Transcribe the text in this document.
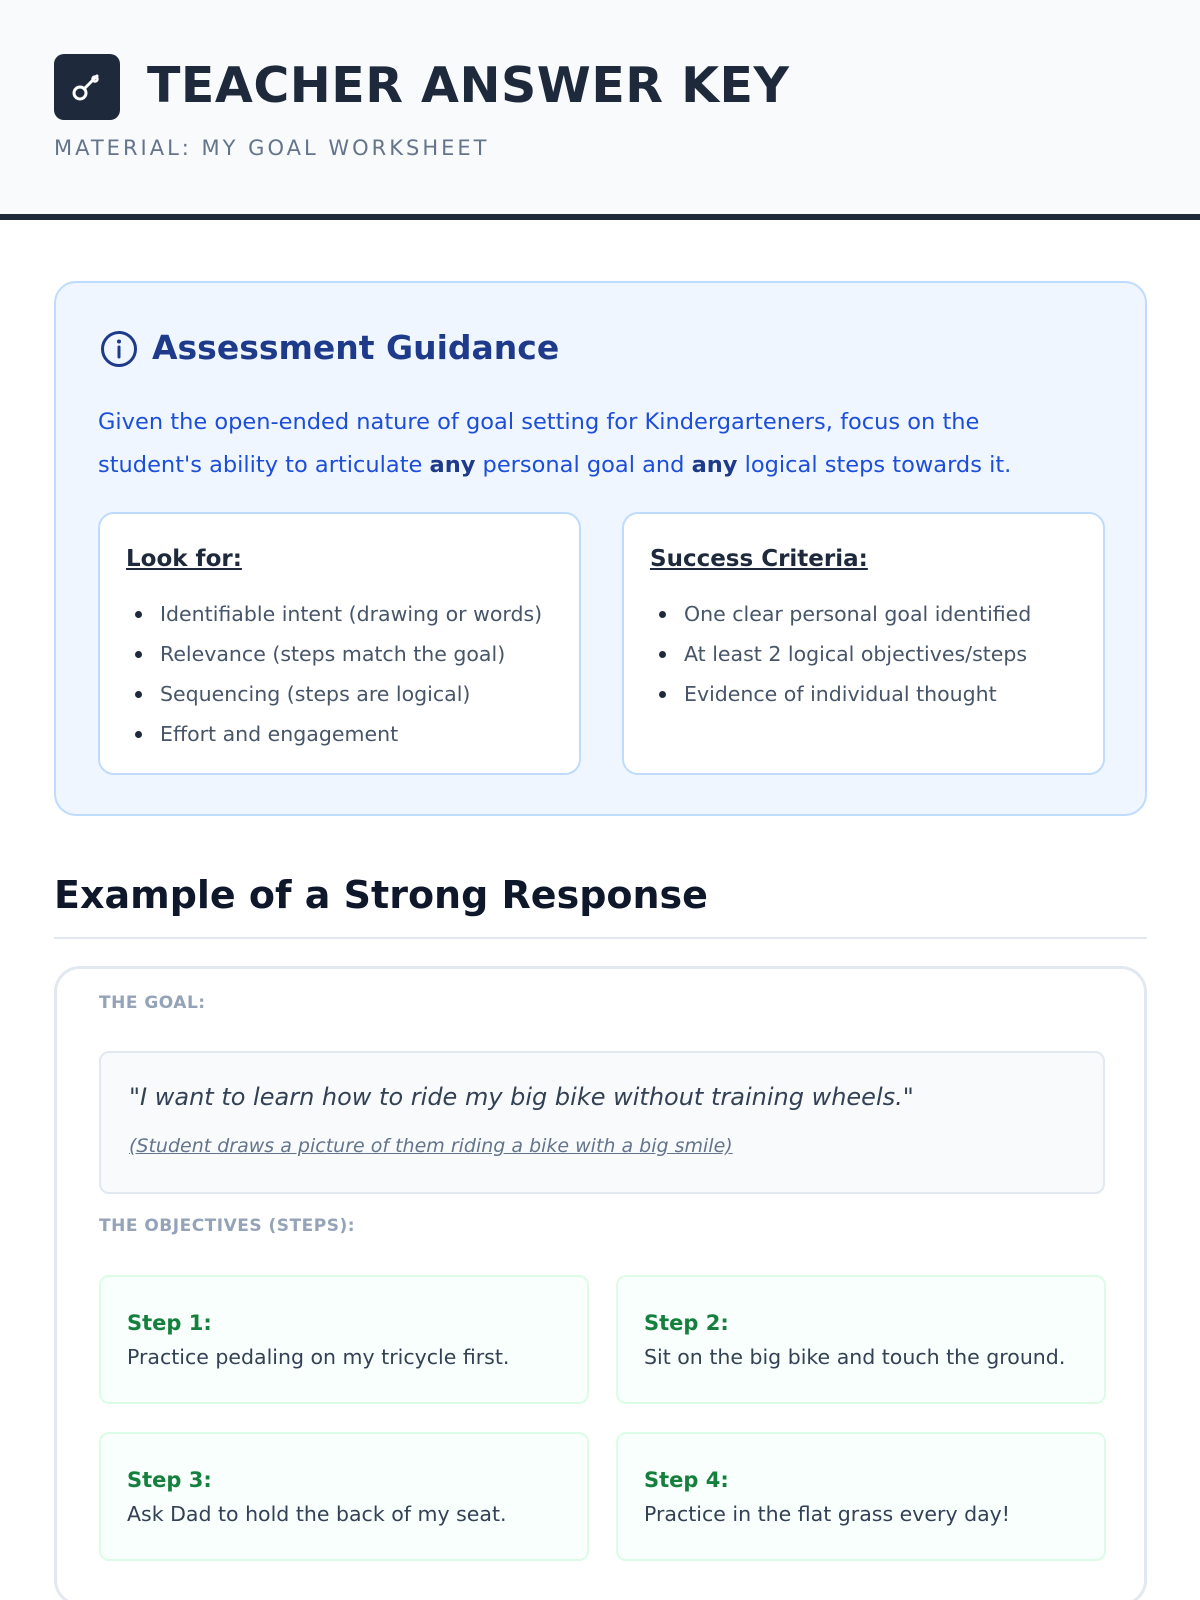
TEACHER ANSWER KEY
MATERIAL: MY GOAL WORKSHEET
Assessment Guidance
Given the open-ended nature of goal setting for Kindergarteners, focus on the student's ability to articulate any personal goal and any logical steps towards it.
Look for:
Identifiable intent (drawing or words)
Relevance (steps match the goal)
Sequencing (steps are logical)
Effort and engagement
Success Criteria:
One clear personal goal identified
At least 2 logical objectives/steps
Evidence of individual thought
Example of a Strong Response
THE GOAL:
"I want to learn how to ride my big bike without training wheels."
(Student draws a picture of them riding a bike with a big smile)
THE OBJECTIVES (STEPS):
Step 1:
Practice pedaling on my tricycle first.
Step 2:
Sit on the big bike and touch the ground.
Step 3:
Ask Dad to hold the back of my seat.
Step 4:
Practice in the flat grass every day!
